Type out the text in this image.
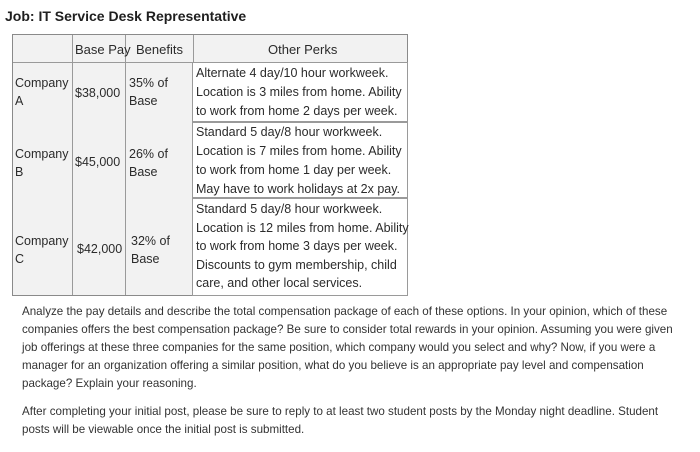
Job: IT Service Desk Representative
Base Pay Benefits	Other Perks
Company
A
$38,000
35% of
Base
Company
B
$45,000
26% of
Base
Company
C
$42,000
32% of
Base
Alternate 4 day/10 hour workweek.
Location is 3 miles from home. Ability
to work from home 2 days per week.
Standard 5 day/8 hour workweek.
Location is 7 miles from home. Ability
to work from home 1 day per week.
May have to work holidays at 2x pay.
Standard 5 day/8 hour workweek.
Location is 12 miles from home. Ability
to work from home 3 days per week.
Discounts to gym membership, child
care, and other local services.
Analyze the pay details and describe the total compensation package of each of these options. In your opinion, which of these
companies offers the best compensation package? Be sure to consider total rewards in your opinion. Assuming you were given
job offerings at these three companies for the same position, which company would you select and why? Now, if you were a
manager for an organization offering a similar position, what do you believe is an appropriate pay level and compensation
package? Explain your reasoning.
After completing your initial post, please be sure to reply to at least two student posts by the Monday night deadline. Student
posts will be viewable once the initial post is submitted.
